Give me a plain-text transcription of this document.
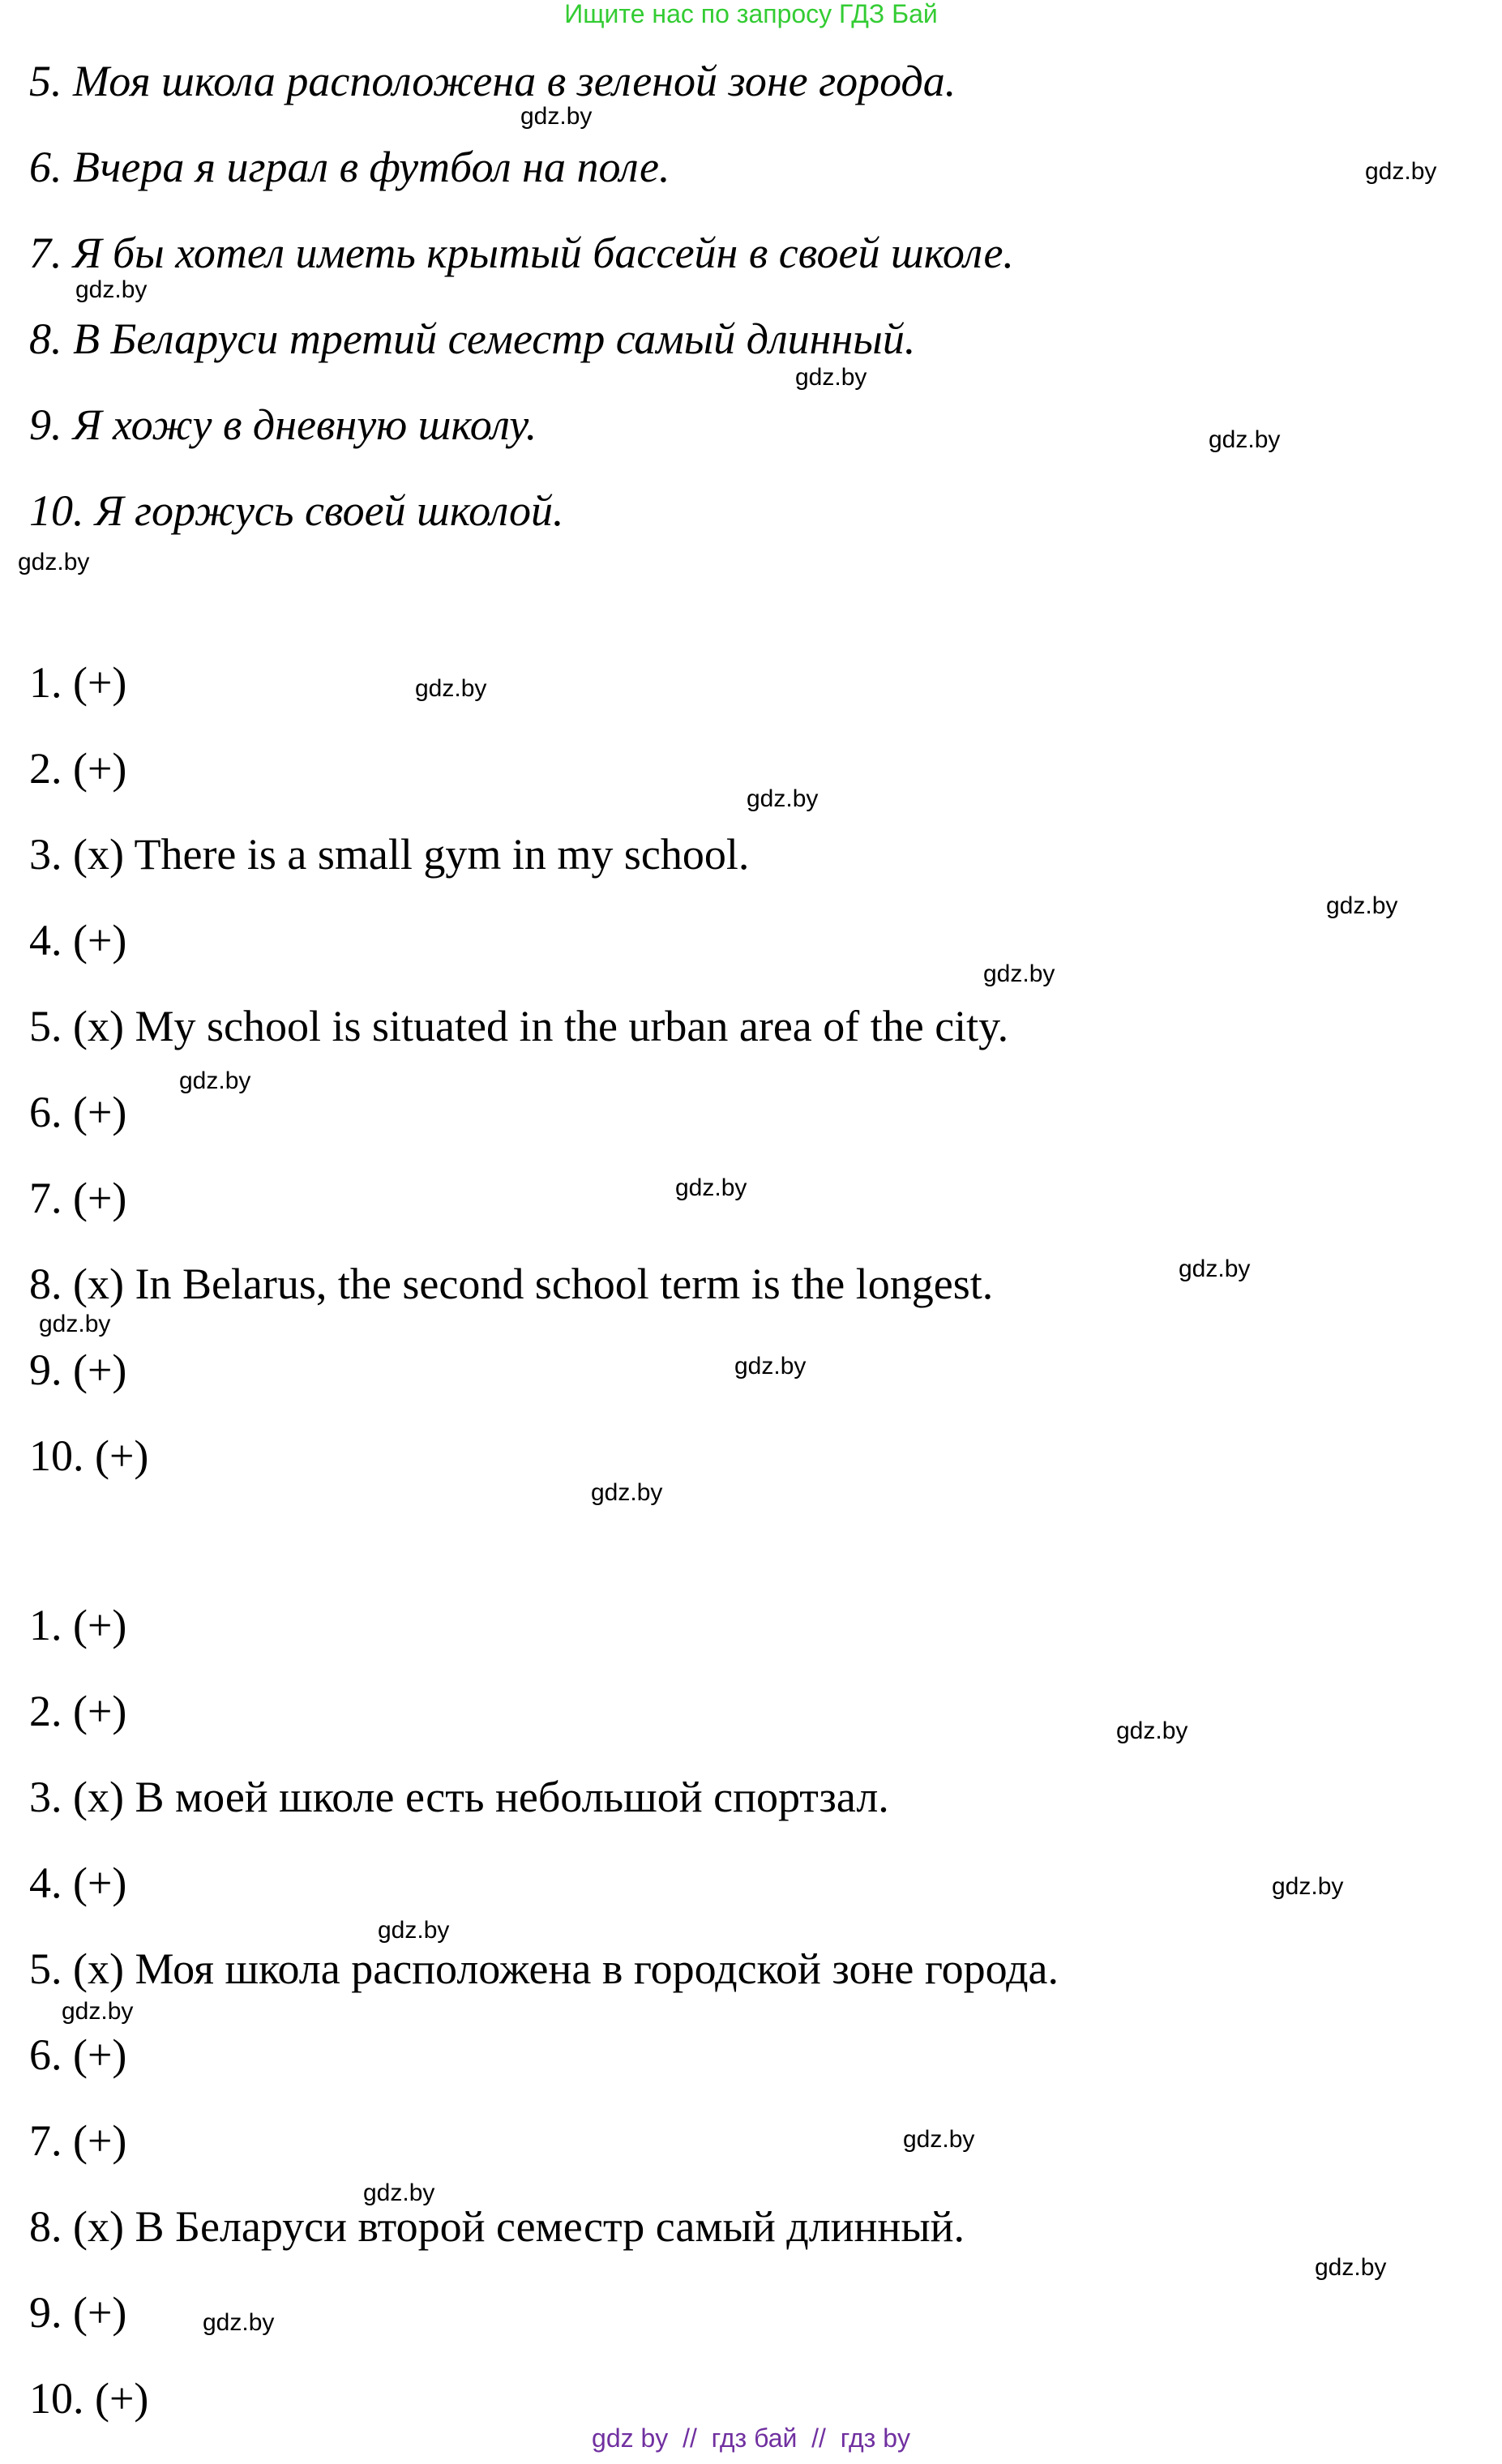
Ищите нас по запросу ГДЗ Бай
5. Моя школа расположена в зеленой зоне города.
6. Вчера я играл в футбол на поле.
7. Я бы хотел иметь крытый бассейн в своей школе.
8. В Беларуси третий семестр самый длинный.
9. Я хожу в дневную школу.
10. Я горжусь своей школой.
1. (+)
2. (+)
3. (x) There is a small gym in my school.
4. (+)
5. (x) My school is situated in the urban area of the city.
6. (+)
7. (+)
8. (x) In Belarus, the second school term is the longest.
9. (+)
10. (+)
1. (+)
2. (+)
3. (x) В моей школе есть небольшой спортзал.
4. (+)
5. (x) Моя школа расположена в городской зоне города.
6. (+)
7. (+)
8. (x) В Беларуси второй семестр самый длинный.
9. (+)
10. (+)
gdz.by
gdz.by
gdz.by
gdz.by
gdz.by
gdz.by
gdz.by
gdz.by
gdz.by
gdz.by
gdz.by
gdz.by
gdz.by
gdz.by
gdz.by
gdz.by
gdz.by
gdz.by
gdz.by
gdz.by
gdz.by
gdz.by
gdz.by
gdz.by
gdz by  //  гдз бай  //  гдз by
